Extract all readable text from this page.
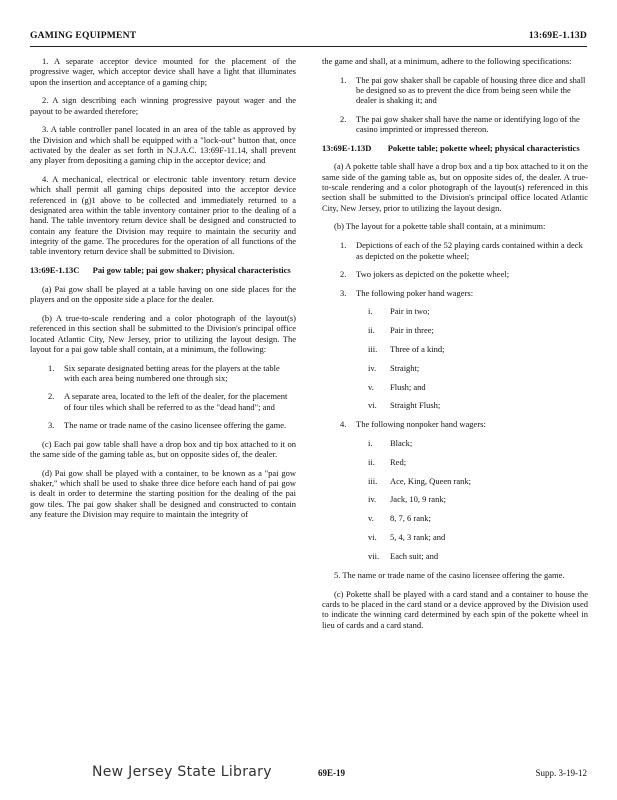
GAMING EQUIPMENT	13:69E-1.13D

1. A separate acceptor device mounted for the placement of the progressive wager, which acceptor device shall have a light that illuminates upon the insertion and acceptance of a gaming chip;

2. A sign describing each winning progressive payout wager and the payout to be awarded therefore;

3. A table controller panel located in an area of the table as approved by the Division and which shall be equipped with a "lock-out" button that, once activated by the dealer as set forth in N.J.A.C. 13:69F-11.14, shall prevent any player from depositing a gaming chip in the acceptor device; and

4. A mechanical, electrical or electronic table inventory return device which shall permit all gaming chips deposited into the acceptor device referenced in (g)1 above to be collected and immediately returned to a designated area within the table inventory container prior to the dealing of a hand. The table inventory return device shall be designed and constructed to contain any feature the Division may require to maintain the security and integrity of the game. The procedures for the operation of all functions of the table inventory return device shall be submitted to Division.

13:69E-1.13C	Pai gow table; pai gow shaker; physical characteristics

(a) Pai gow shall be played at a table having on one side places for the players and on the opposite side a place for the dealer.

(b) A true-to-scale rendering and a color photograph of the layout(s) referenced in this section shall be submitted to the Division's principal office located Atlantic City, New Jersey, prior to utilizing the layout design. The layout for a pai gow table shall contain, at a minimum, the following:

1.	Six separate designated betting areas for the players at the table with each area being numbered one through six;
2.	A separate area, located to the left of the dealer, for the placement of four tiles which shall be referred to as the "dead hand"; and
3.	The name or trade name of the casino licensee offering the game.

(c) Each pai gow table shall have a drop box and tip box attached to it on the same side of the gaming table as, but on opposite sides of, the dealer.

(d) Pai gow shall be played with a container, to be known as a "pai gow shaker," which shall be used to shake three dice before each hand of pai gow is dealt in order to determine the starting position for the dealing of the pai gow tiles. The pai gow shaker shall be designed and constructed to contain any feature the Division may require to maintain the integrity of

the game and shall, at a minimum, adhere to the following specifications:

1.	The pai gow shaker shall be capable of housing three dice and shall be designed so as to prevent the dice from being seen while the dealer is shaking it; and
2.	The pai gow shaker shall have the name or identifying logo of the casino imprinted or impressed thereon.
13:69E-1.13D	Pokette table; pokette wheel; physical characteristics

(a) A pokette table shall have a drop box and a tip box attached to it on the same side of the gaming table as, but on opposite sides of, the dealer. A true-to-scale rendering and a color photograph of the layout(s) referenced in this section shall be submitted to the Division's principal office located Atlantic City, New Jersey, prior to utilizing the layout design.

(b) The layout for a pokette table shall contain, at a minimum:

1.	Depictions of each of the 52 playing cards contained within a deck as depicted on the pokette wheel;
2.	Two jokers as depicted on the pokette wheel;
3.	The following poker hand wagers:
i.	Pair in two;
ii.	Pair in three;
iii.	Three of a kind;
iv.	Straight;
v.	Flush; and
vi.	Straight Flush;
4.	The following nonpoker hand wagers:
i.	Black;
ii.	Red;
iii.	Ace, King, Queen rank;
iv.	Jack, 10, 9 rank;
v.	8, 7, 6 rank;
vi.	5, 4, 3 rank; and
vii.	Each suit; and

5. The name or trade name of the casino licensee offering the game.

(c) Pokette shall be played with a card stand and a container to house the cards to be placed in the card stand or a device approved by the Division used to indicate the winning card determined by each spin of the pokette wheel in lieu of cards and a card stand.

New Jersey State Library	69E-19	Supp. 3-19-12
